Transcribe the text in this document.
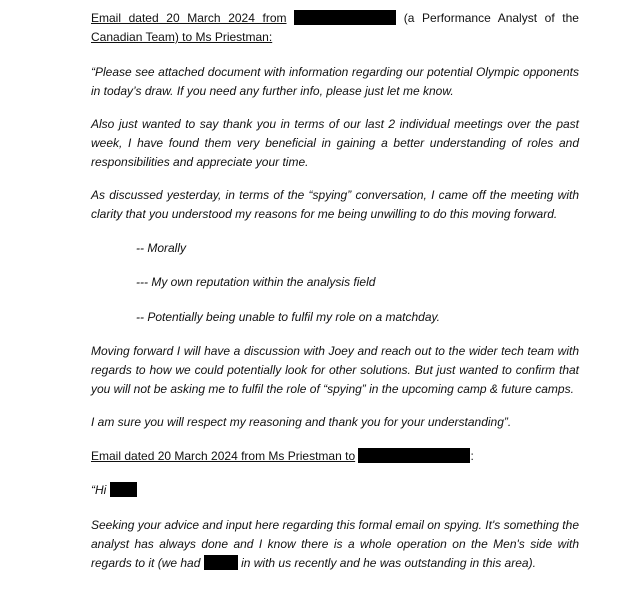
Email dated 20 March 2024 from	(a Performance Analyst of the Canadian Team) to Ms Priestman:

“Please see attached document with information regarding our potential Olympic opponents in today’s draw. If you need any further info, please just let me know.

Also just wanted to say thank you in terms of our last 2 individual meetings over the past week, I have found them very beneficial in gaining a better understanding of roles and responsibilities and appreciate your time.

As discussed yesterday, in terms of the “spying” conversation, I came off the meeting with clarity that you understood my reasons for me being unwilling to do this moving forward.

-- Morally

--- My own reputation within the analysis field

-- Potentially being unable to fulfil my role on a matchday.

Moving forward I will have a discussion with Joey and reach out to the wider tech team with regards to how we could potentially look for other solutions. But just wanted to confirm that you will not be asking me to fulfil the role of “spying” in the upcoming camp & future camps.

I am sure you will respect my reasoning and thank you for your understanding”.

Email dated 20 March 2024 from Ms Priestman to	:

“Hi

Seeking your advice and input here regarding this formal email on spying. It's something the analyst has always done and I know there is a whole operation on the Men's side with regards to it (we had	in with us recently and he was outstanding in this area).
